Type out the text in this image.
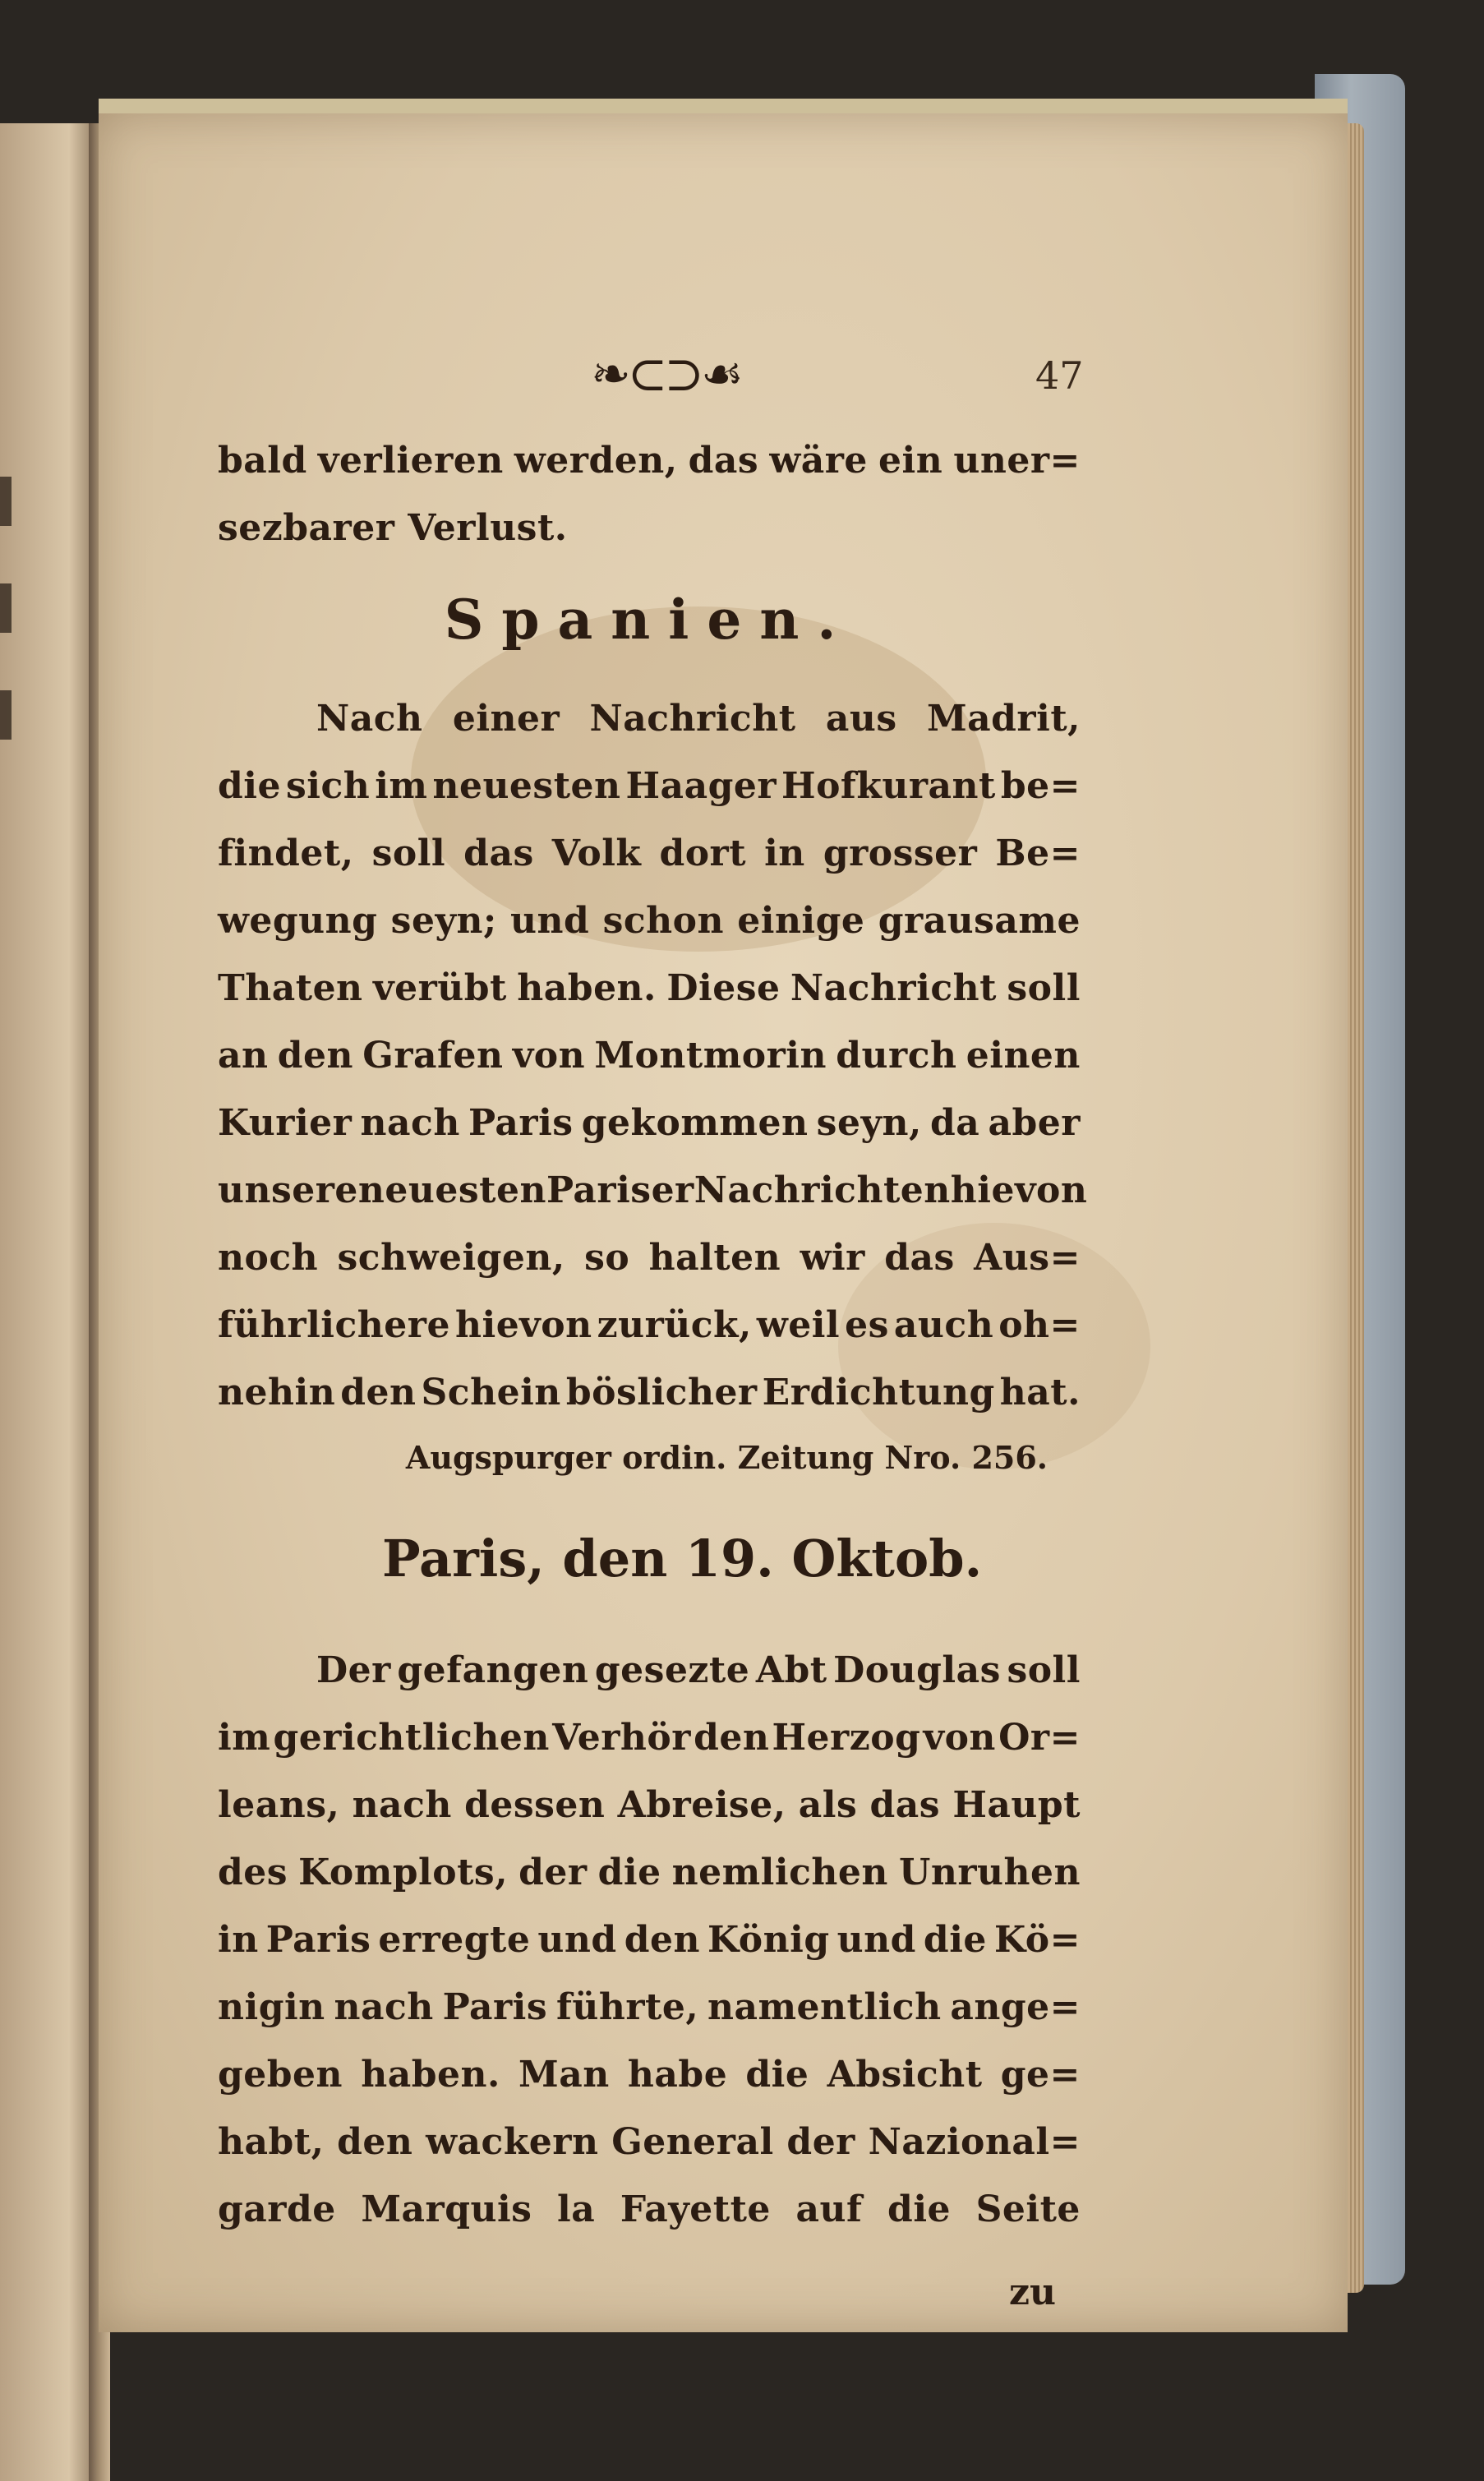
❧⊂⊃☙	47
bald verlieren werden, das wäre ein uner=
sezbarer Verlust.
Spanien.
Nach einer Nachricht aus Madrit,
die sich im neuesten Haager Hofkurant be=
findet, soll das Volk dort in grosser Be=
wegung seyn; und schon einige grausame
Thaten verübt haben. Diese Nachricht soll
an den Grafen von Montmorin durch einen
Kurier nach Paris gekommen seyn, da aber
unsere neuesten Pariser Nachrichten hievon
noch schweigen, so halten wir das Aus=
führlichere hievon zurück, weil es auch oh=
nehin den Schein böslicher Erdichtung hat.
Augspurger ordin. Zeitung Nro. 256.
Paris, den 19. Oktob.
Der gefangen gesezte Abt Douglas soll
im gerichtlichen Verhör den Herzog von Or=
leans, nach dessen Abreise, als das Haupt
des Komplots, der die nemlichen Unruhen
in Paris erregte und den König und die Kö=
nigin nach Paris führte, namentlich ange=
geben haben. Man habe die Absicht ge=
habt, den wackern General der Nazional=
garde Marquis la Fayette auf die Seite
zu
